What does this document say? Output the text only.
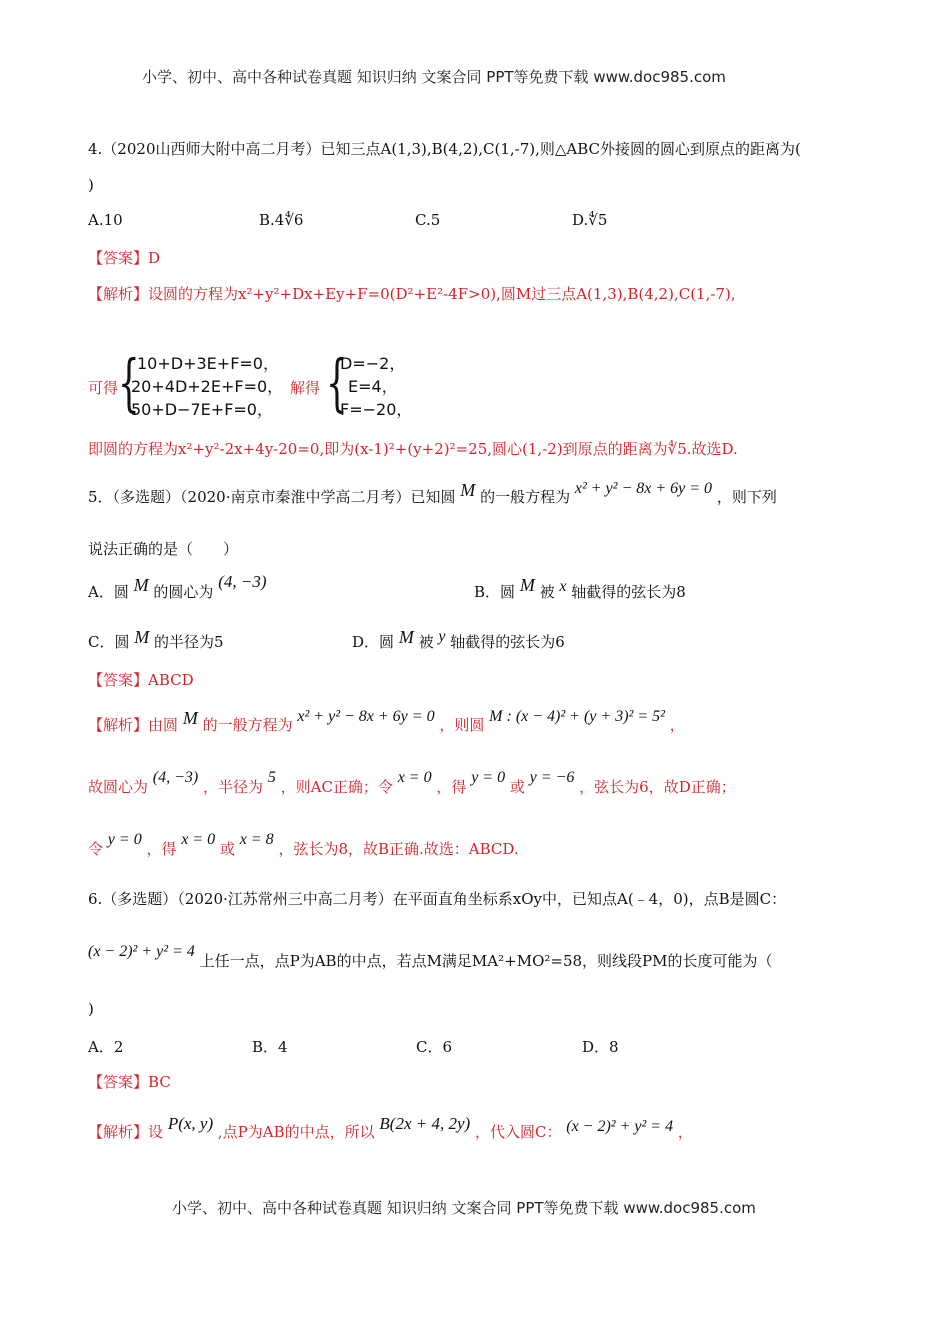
小学、初中、高中各种试卷真题 知识归纳 文案合同 PPT等免费下载 www.doc985.com
4.（2020山西师大附中高二月考）已知三点A(1,3),B(4,2),C(1,-7),则△ABC外接圆的圆心到原点的距离为(
)
A.10	B.4∜6	C.5	D.∜5
【答案】D
【解析】设圆的方程为x²+y²+Dx+Ey+F=0(D²+E²-4F>0),圆M过三点A(1,3),B(4,2),C(1,-7),
可得 {
10+D+3E+F=0，
20+4D+2E+F=0，
50+D−7E+F=0，
解得 {
D=−2，
E=4，
F=−20，
即圆的方程为x²+y²-2x+4y-20=0,即为(x-1)²+(y+2)²=25,圆心(1,-2)到原点的距离为∜5.故选D.
5．（多选题）（2020·南京市秦淮中学高二月考）已知圆 M 的一般方程为 x² + y² − 8x + 6y = 0 ，则下列
说法正确的是（　　）
A．圆 M 的圆心为 (4, −3)
B．圆 M 被 x 轴截得的弦长为8
C．圆 M 的半径为5	D．圆 M 被 y 轴截得的弦长为6
【答案】ABCD
【解析】由圆 M 的一般方程为 x² + y² − 8x + 6y = 0 ，则圆 M : (x − 4)² + (y + 3)² = 5² ，
故圆心为 (4, −3) ，半径为 5 ，则AC正确；令 x = 0 ，得 y = 0 或 y = −6 ，弦长为6，故D正确；
令 y = 0 ，得 x = 0 或 x = 8 ，弦长为8，故B正确.故选：ABCD.
6.（多选题）（2020·江苏常州三中高二月考）在平面直角坐标系xOy中，已知点A(﹣4，0)，点B是圆C：
(x − 2)² + y² = 4 上任一点，点P为AB的中点，若点M满足MA²+MO²=58，则线段PM的长度可能为（
)
A．2	B．4	C．6	D．8
【答案】BC
【解析】设 P(x, y) ,点P为AB的中点，所以 B(2x + 4, 2y) ，代入圆C： (x − 2)² + y² = 4 ，
小学、初中、高中各种试卷真题 知识归纳 文案合同 PPT等免费下载 www.doc985.com
